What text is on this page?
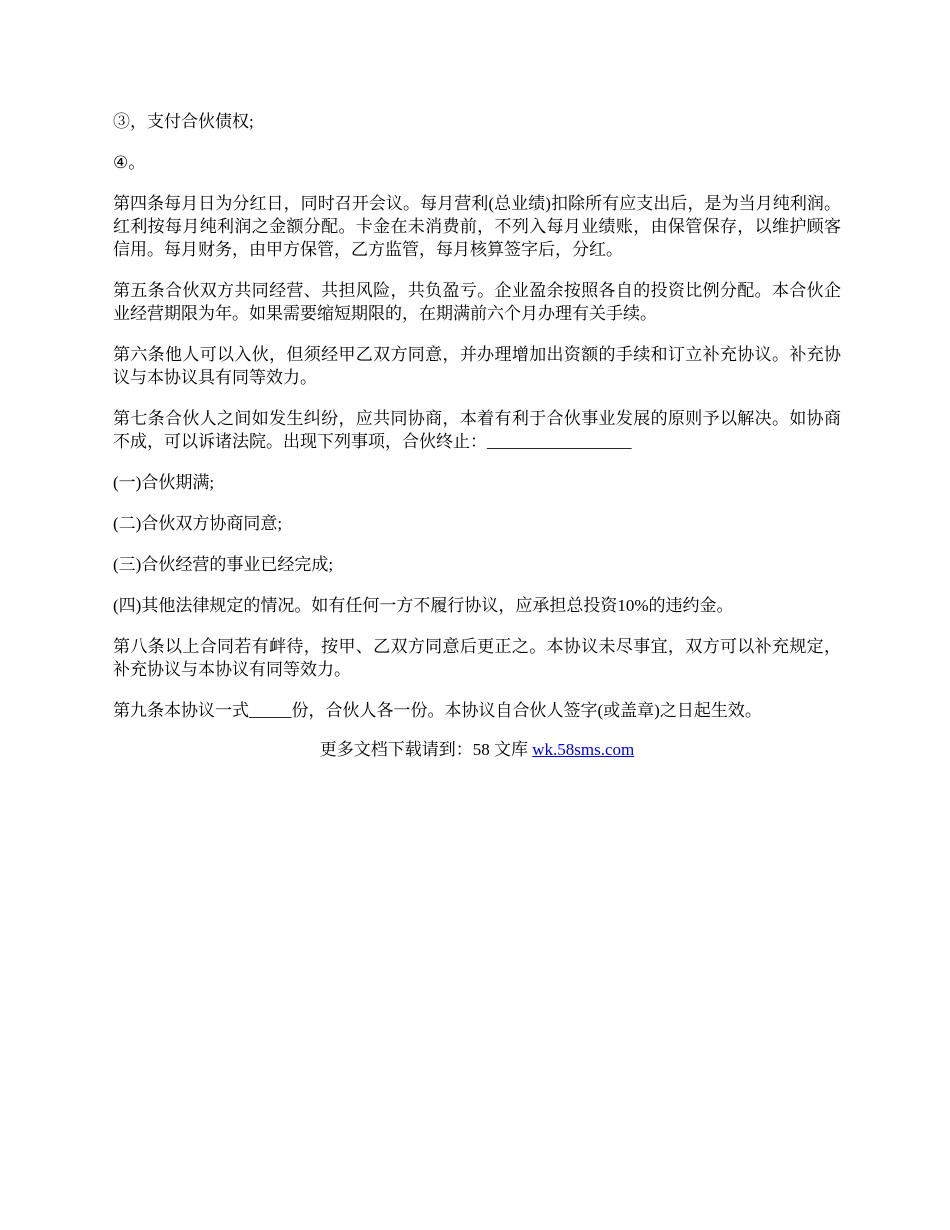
③，支付合伙债权;

④。

第四条每月日为分红日，同时召开会议。每月营利(总业绩)扣除所有应支出后，是为当月纯利润。红利按每月纯利润之金额分配。卡金在未消费前，不列入每月业绩账，由保管保存，以维护顾客信用。每月财务，由甲方保管，乙方监管，每月核算签字后，分红。

第五条合伙双方共同经营、共担风险，共负盈亏。企业盈余按照各自的投资比例分配。本合伙企业经营期限为年。如果需要缩短期限的，在期满前六个月办理有关手续。

第六条他人可以入伙，但须经甲乙双方同意，并办理增加出资额的手续和订立补充协议。补充协议与本协议具有同等效力。

第七条合伙人之间如发生纠纷，应共同协商，本着有利于合伙事业发展的原则予以解决。如协商不成，可以诉诸法院。出现下列事项，合伙终止：_________________

(一)合伙期满;

(二)合伙双方协商同意;

(三)合伙经营的事业已经完成;

(四)其他法律规定的情况。如有任何一方不履行协议，应承担总投资10%的违约金。

第八条以上合同若有衅待，按甲、乙双方同意后更正之。本协议未尽事宜，双方可以补充规定，补充协议与本协议有同等效力。

第九条本协议一式_____份，合伙人各一份。本协议自合伙人签字(或盖章)之日起生效。

更多文档下载请到：58 文库 wk.58sms.com
